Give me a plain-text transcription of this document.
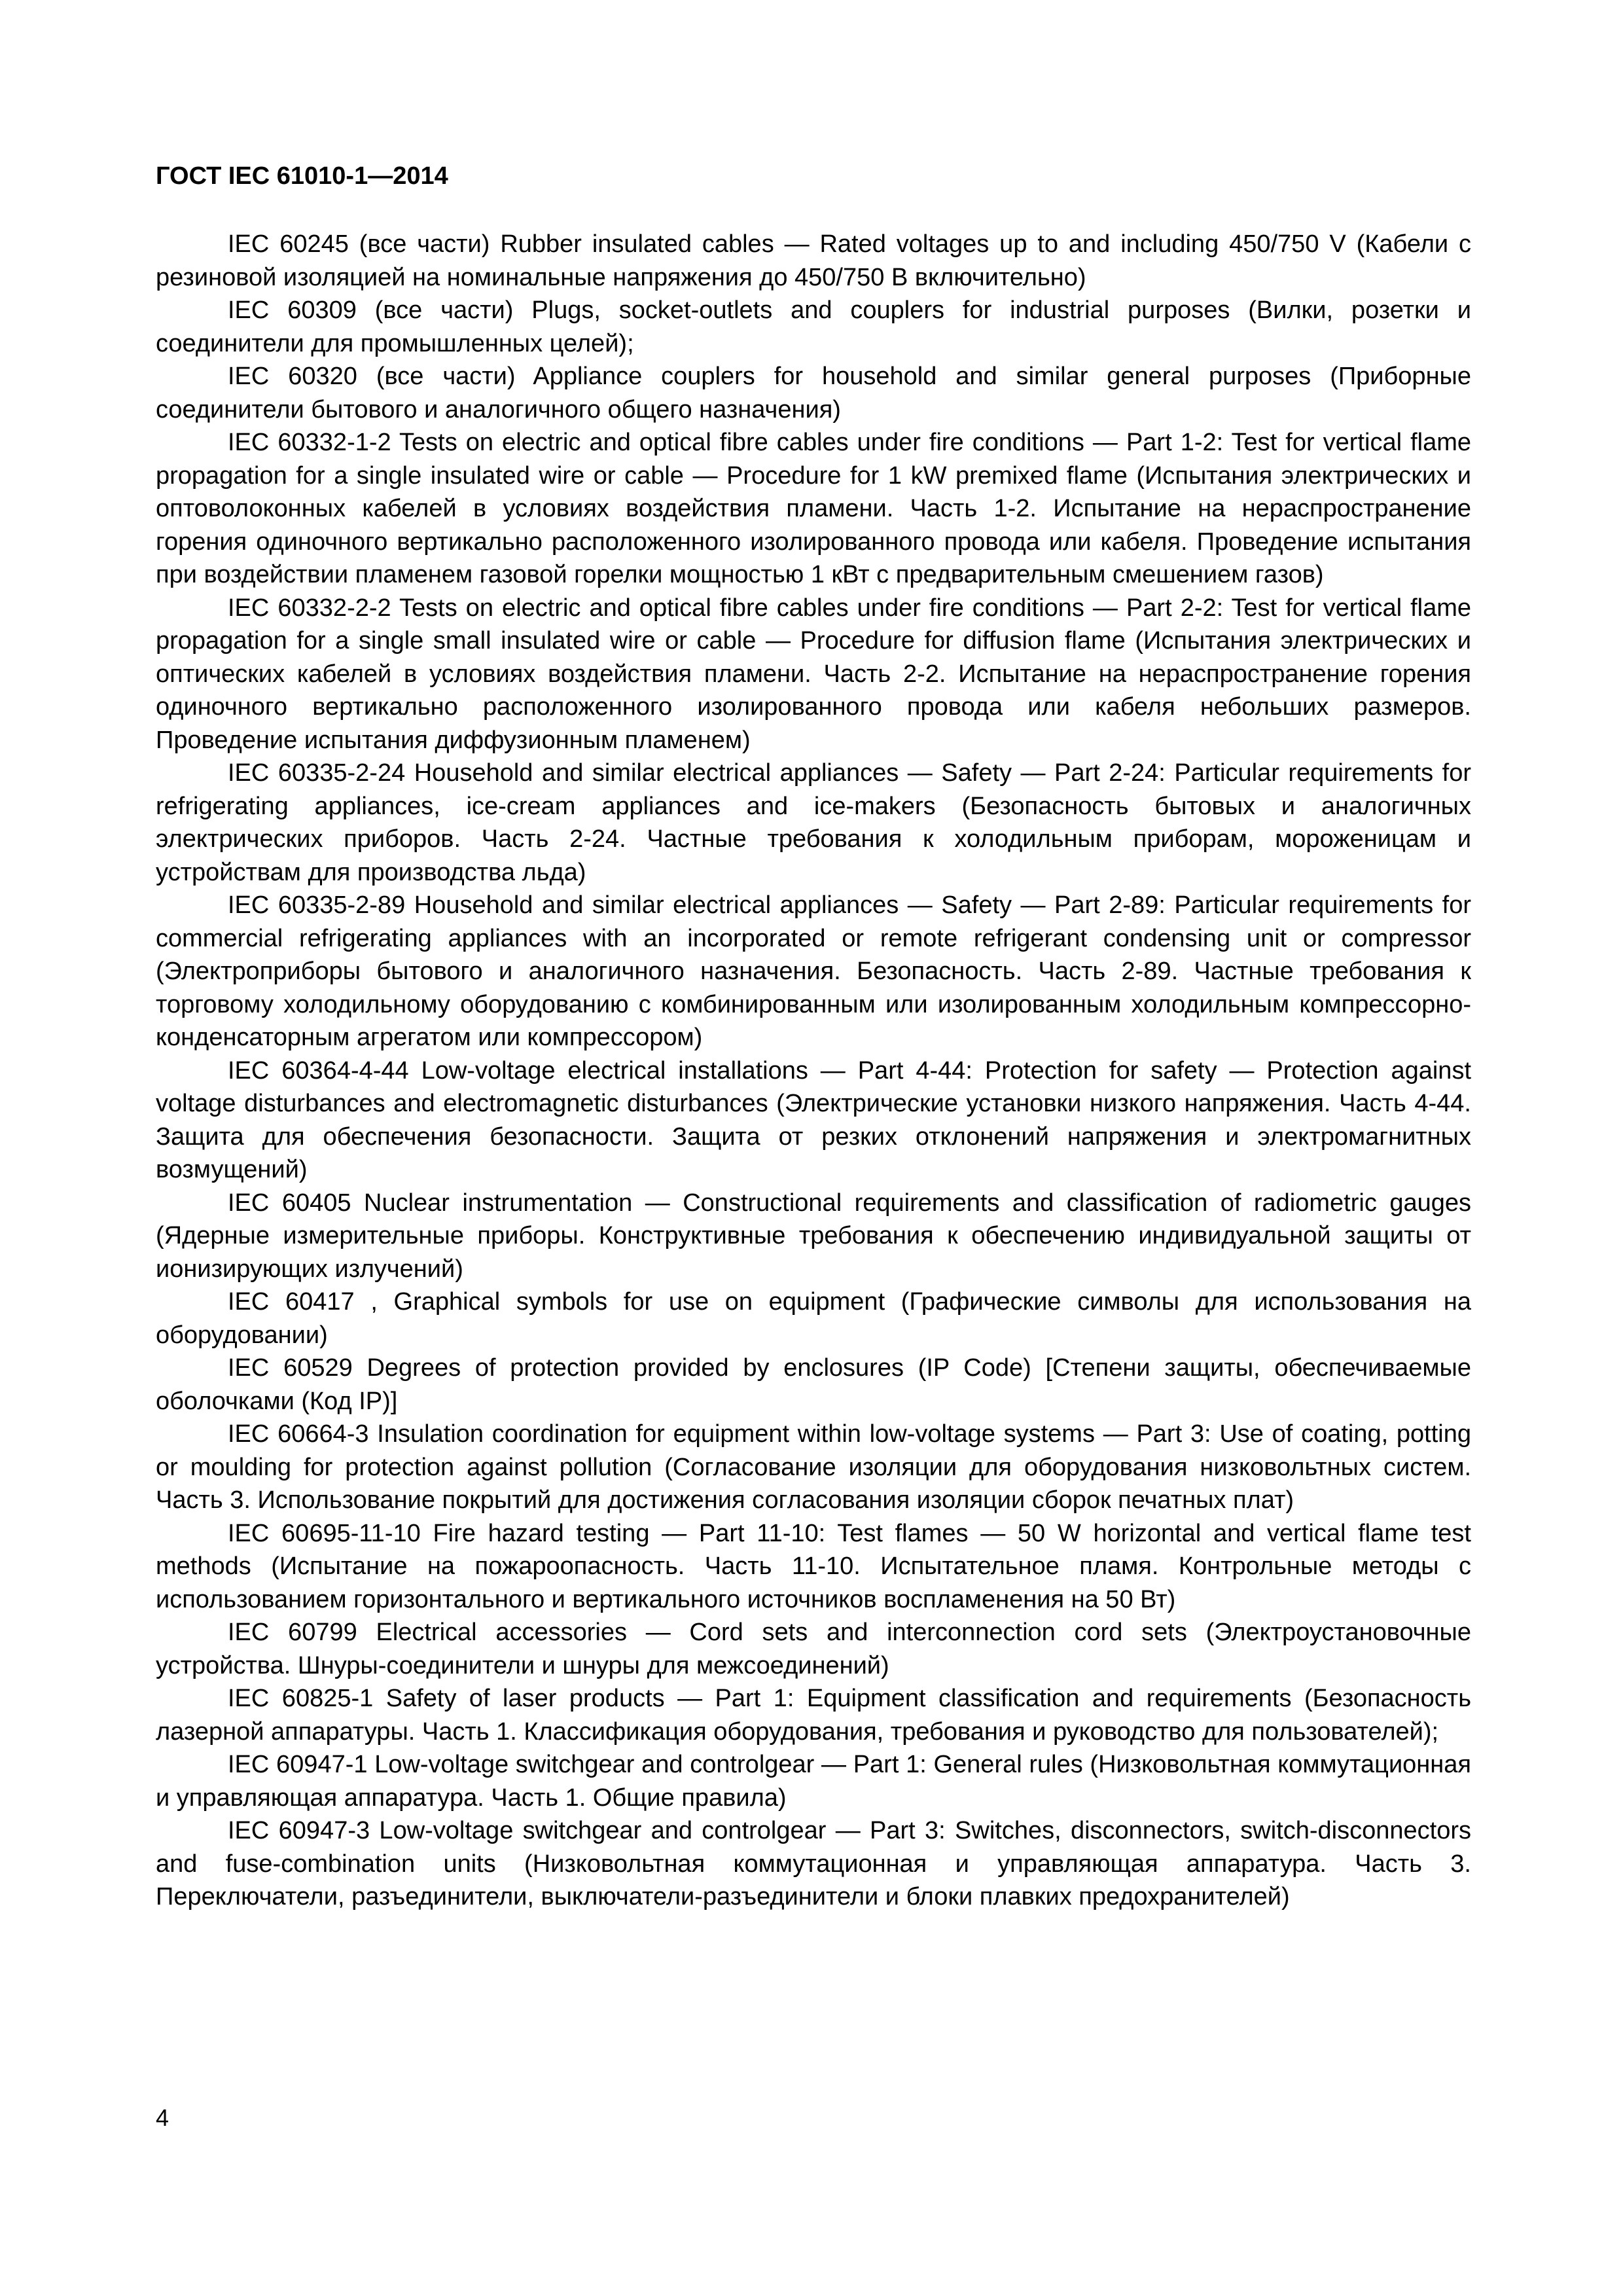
ГОСТ IEC 61010-1—2014
IEC 60245 (все части) Rubber insulated cables — Rated voltages up to and including 450/750 V (Кабели с резиновой изоляцией на номинальные напряжения до 450/750 В включительно)
IEC 60309 (все части) Plugs, socket-outlets and couplers for industrial purposes (Вилки, розетки и соединители для промышленных целей);
IEC 60320 (все части) Appliance couplers for household and similar general purposes (Приборные соединители бытового и аналогичного общего назначения)
IEC 60332-1-2 Tests on electric and optical fibre cables under fire conditions — Part 1-2: Test for vertical flame propagation for a single insulated wire or cable — Procedure for 1 kW premixed flame (Испытания электрических и оптоволоконных кабелей в условиях воздействия пламени. Часть 1-2. Испытание на нераспространение горения одиночного вертикально расположенного изолированного провода или кабеля. Проведение испытания при воздействии пламенем газовой горелки мощностью 1 кВт с предварительным смешением газов)
IEC 60332-2-2 Tests on electric and optical fibre cables under fire conditions — Part 2-2: Test for vertical flame propagation for a single small insulated wire or cable — Procedure for diffusion flame (Испытания электрических и оптических кабелей в условиях воздействия пламени. Часть 2-2. Испытание на нераспространение горения одиночного вертикально расположенного изолированного провода или кабеля небольших размеров. Проведение испытания диффузионным пламенем)
IEC 60335-2-24 Household and similar electrical appliances — Safety — Part 2-24: Particular requirements for refrigerating appliances, ice-cream appliances and ice-makers (Безопасность бытовых и аналогичных электрических приборов. Часть 2-24. Частные требования к холодильным приборам, мороженицам и устройствам для производства льда)
IEC 60335-2-89 Household and similar electrical appliances — Safety — Part 2-89: Particular requirements for commercial refrigerating appliances with an incorporated or remote refrigerant condensing unit or compressor (Электроприборы бытового и аналогичного назначения. Безопасность. Часть 2-89. Частные требования к торговому холодильному оборудованию с комбинированным или изолированным холодильным компрессорно-конденсаторным агрегатом или компрессором)
IEC 60364-4-44 Low-voltage electrical installations — Part 4-44: Protection for safety — Protection against voltage disturbances and electromagnetic disturbances (Электрические установки низкого напряжения. Часть 4-44. Защита для обеспечения безопасности. Защита от резких отклонений напряжения и электромагнитных возмущений)
IEC 60405 Nuclear instrumentation — Constructional requirements and classification of radiometric gauges (Ядерные измерительные приборы. Конструктивные требования к обеспечению индивидуальной защиты от ионизирующих излучений)
IEC 60417 , Graphical symbols for use on equipment (Графические символы для использования на оборудовании)
IEC 60529 Degrees of protection provided by enclosures (IP Code) [Степени защиты, обеспечиваемые оболочками (Код IP)]
IEC 60664-3 Insulation coordination for equipment within low-voltage systems — Part 3: Use of coating, potting or moulding for protection against pollution (Согласование изоляции для оборудования низковольтных систем. Часть 3. Использование покрытий для достижения согласования изоляции сборок печатных плат)
IEC 60695-11-10 Fire hazard testing — Part 11-10: Test flames — 50 W horizontal and vertical flame test methods (Испытание на пожароопасность. Часть 11-10. Испытательное пламя. Контрольные методы с использованием горизонтального и вертикального источников воспламенения на 50 Вт)
IEC 60799 Electrical accessories — Cord sets and interconnection cord sets (Электроустановочные устройства. Шнуры-соединители и шнуры для межсоединений)
IEC 60825-1 Safety of laser products — Part 1: Equipment classification and requirements (Безопасность лазерной аппаратуры. Часть 1. Классификация оборудования, требования и руководство для пользователей);
IEC 60947-1 Low-voltage switchgear and controlgear — Part 1: General rules (Низковольтная коммутационная и управляющая аппаратура. Часть 1. Общие правила)
IEC 60947-3 Low-voltage switchgear and controlgear — Part 3: Switches, disconnectors, switch-disconnectors and fuse-combination units (Низковольтная коммутационная и управляющая аппаратура. Часть 3. Переключатели, разъединители, выключатели-разъединители и блоки плавких предохранителей)
4
